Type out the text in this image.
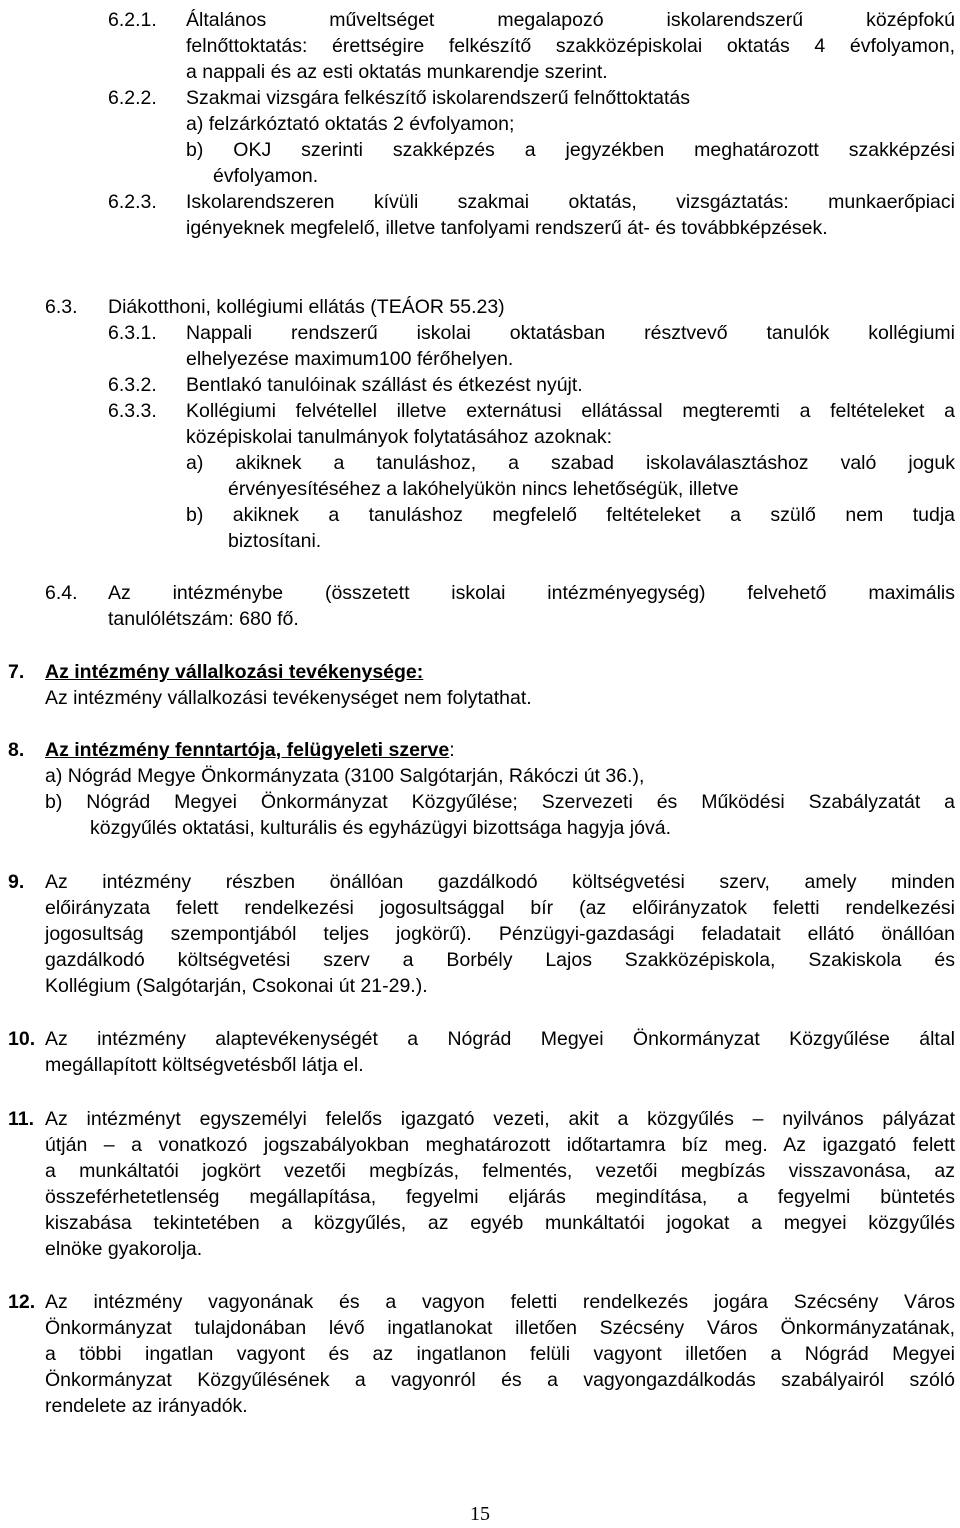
6.2.1. Általános műveltséget megalapozó iskolarendszerű középfokú
felnőttoktatás: érettségire felkészítő szakközépiskolai oktatás 4 évfolyamon,
a nappali és az esti oktatás munkarendje szerint.
6.2.2. Szakmai vizsgára felkészítő iskolarendszerű felnőttoktatás
a) felzárkóztató oktatás 2 évfolyamon;
b) OKJ szerinti szakképzés a jegyzékben meghatározott szakképzési
évfolyamon.
6.2.3. Iskolarendszeren kívüli szakmai oktatás, vizsgáztatás: munkaerőpiaci
igényeknek megfelelő, illetve tanfolyami rendszerű át- és továbbképzések.
6.3. Diákotthoni, kollégiumi ellátás (TEÁOR 55.23)
6.3.1. Nappali rendszerű iskolai oktatásban résztvevő tanulók kollégiumi
elhelyezése maximum100 férőhelyen.
6.3.2. Bentlakó tanulóinak szállást és étkezést nyújt.
6.3.3. Kollégiumi felvétellel illetve externátusi ellátással megteremti a feltételeket a
középiskolai tanulmányok folytatásához azoknak:
a) akiknek a tanuláshoz, a szabad iskolaválasztáshoz való joguk
érvényesítéséhez a lakóhelyükön nincs lehetőségük, illetve
b) akiknek a tanuláshoz megfelelő feltételeket a szülő nem tudja
biztosítani.
6.4. Az intézménybe (összetett iskolai intézményegység) felvehető maximális
tanulólétszám: 680 fő.
7. Az intézmény vállalkozási tevékenysége:
Az intézmény vállalkozási tevékenységet nem folytathat.
8. Az intézmény fenntartója, felügyeleti szerve:
a) Nógrád Megye Önkormányzata (3100 Salgótarján, Rákóczi út 36.),
b) Nógrád Megyei Önkormányzat Közgyűlése; Szervezeti és Működési Szabályzatát a
közgyűlés oktatási, kulturális és egyházügyi bizottsága hagyja jóvá.
9. Az intézmény részben önállóan gazdálkodó költségvetési szerv, amely minden
előirányzata felett rendelkezési jogosultsággal bír (az előirányzatok feletti rendelkezési
jogosultság szempontjából teljes jogkörű). Pénzügyi-gazdasági feladatait ellátó önállóan
gazdálkodó költségvetési szerv a Borbély Lajos Szakközépiskola, Szakiskola és
Kollégium (Salgótarján, Csokonai út 21-29.).
10. Az intézmény alaptevékenységét a Nógrád Megyei Önkormányzat Közgyűlése által
megállapított költségvetésből látja el.
11. Az intézményt egyszemélyi felelős igazgató vezeti, akit a közgyűlés – nyilvános pályázat
útján – a vonatkozó jogszabályokban meghatározott időtartamra bíz meg. Az igazgató felett
a munkáltatói jogkört vezetői megbízás, felmentés, vezetői megbízás visszavonása, az
összeférhetetlenség megállapítása, fegyelmi eljárás megindítása, a fegyelmi büntetés
kiszabása tekintetében a közgyűlés, az egyéb munkáltatói jogokat a megyei közgyűlés
elnöke gyakorolja.
12. Az intézmény vagyonának és a vagyon feletti rendelkezés jogára Szécsény Város
Önkormányzat tulajdonában lévő ingatlanokat illetően Szécsény Város Önkormányzatának,
a többi ingatlan vagyont és az ingatlanon felüli vagyont illetően a Nógrád Megyei
Önkormányzat Közgyűlésének a vagyonról és a vagyongazdálkodás szabályairól szóló
rendelete az irányadók.
15
